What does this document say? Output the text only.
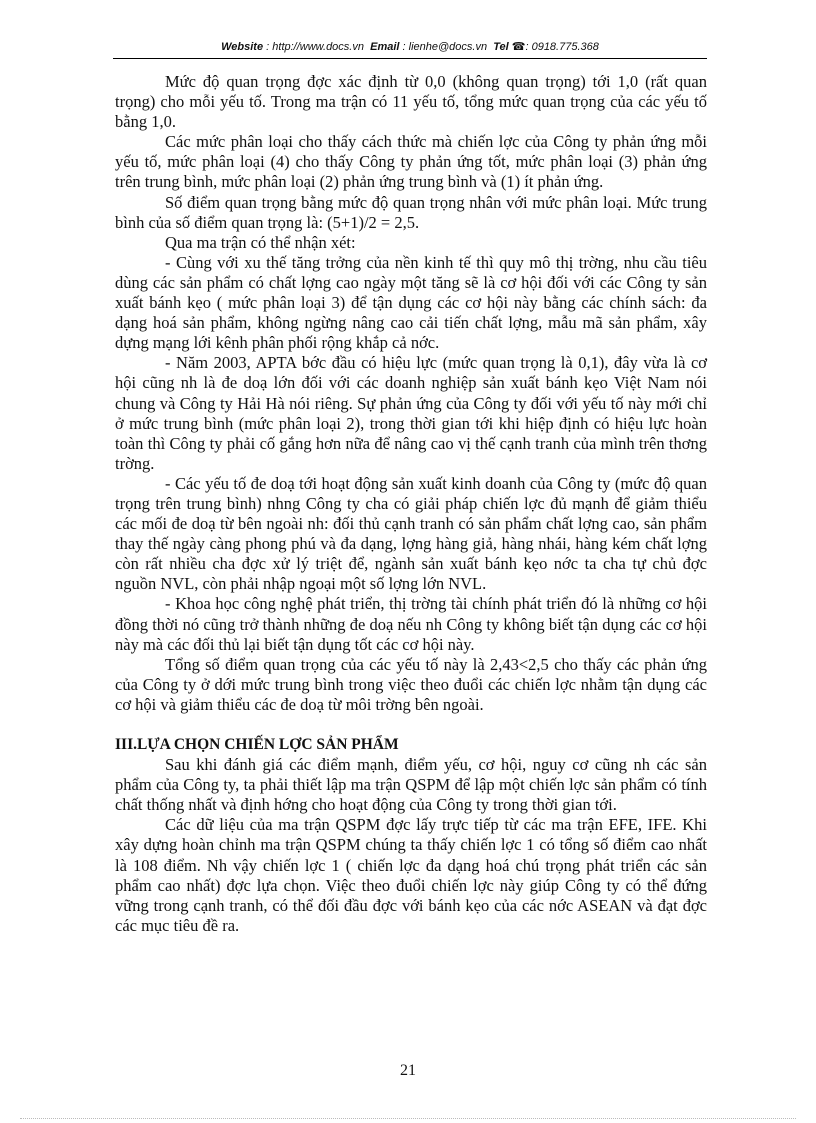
Website : http://www.docs.vn Email : lienhe@docs.vn Tel ☎: 0918.775.368

Mức độ quan trọng đợc xác định từ 0,0 (không quan trọng) tới 1,0 (rất quan trọng) cho mỗi yếu tố. Trong ma trận có 11 yếu tố, tổng mức quan trọng của các yếu tố bằng 1,0.

Các mức phân loại cho thấy cách thức mà chiến lợc của Công ty phản ứng mỗi yếu tố, mức phân loại (4) cho thấy Công ty phản ứng tốt, mức phân loại (3) phản ứng trên trung bình, mức phân loại (2) phản ứng trung bình và (1) ít phản ứng.

Số điểm quan trọng bằng mức độ quan trọng nhân với mức phân loại. Mức trung bình của số điểm quan trọng là: (5+1)/2 = 2,5.

Qua ma trận có thể nhận xét:

- Cùng với xu thế tăng trởng của nền kinh tế thì quy mô thị trờng, nhu cầu tiêu dùng các sản phẩm có chất lợng cao ngày một tăng sẽ là cơ hội đối với các Công ty sản xuất bánh kẹo ( mức phân loại 3) để tận dụng các cơ hội này bằng các chính sách: đa dạng hoá sản phẩm, không ngừng nâng cao cải tiến chất lợng, mẫu mã sản phẩm, xây dựng mạng lới kênh phân phối rộng khắp cả nớc.

- Năm 2003, APTA bớc đầu có hiệu lực (mức quan trọng là 0,1), đây vừa là cơ hội cũng nh là đe doạ lớn đối với các doanh nghiệp sản xuất bánh kẹo Việt Nam nói chung và Công ty Hải Hà nói riêng. Sự phản ứng của Công ty đối với yếu tố này mới chỉ ở mức trung bình (mức phân loại 2), trong thời gian tới khi hiệp định có hiệu lực hoàn toàn thì Công ty phải cố gắng hơn nữa để nâng cao vị thế cạnh tranh của mình trên thơng trờng.

- Các yếu tố đe doạ tới hoạt động sản xuất kinh doanh của Công ty (mức độ quan trọng trên trung bình) nhng Công ty cha có giải pháp chiến lợc đủ mạnh để giảm thiểu các mối đe doạ từ bên ngoài nh: đối thủ cạnh tranh có sản phẩm chất lợng cao, sản phẩm thay thế ngày càng phong phú và đa dạng, lợng hàng giả, hàng nhái, hàng kém chất lợng còn rất nhiều cha đợc xử lý triệt để, ngành sản xuất bánh kẹo nớc ta cha tự chủ đợc nguồn NVL, còn phải nhập ngoại một số lợng lớn NVL.

- Khoa học công nghệ phát triển, thị trờng tài chính phát triển đó là những cơ hội đồng thời nó cũng trở thành những đe doạ nếu nh Công ty không biết tận dụng các cơ hội này mà các đối thủ lại biết tận dụng tốt các cơ hội này.

Tổng số điểm quan trọng của các yếu tố này là 2,43<2,5 cho thấy các phản ứng của Công ty ở dới mức trung bình trong việc theo đuổi các chiến lợc nhằm tận dụng các cơ hội và giảm thiểu các đe doạ từ môi trờng bên ngoài.

III.LỰA CHỌN CHIẾN LỢC SẢN PHẨM

Sau khi đánh giá các điểm mạnh, điểm yếu, cơ hội, nguy cơ cũng nh các sản phẩm của Công ty, ta phải thiết lập ma trận QSPM để lập một chiến lợc sản phẩm có tính chất thống nhất và định hớng cho hoạt động của Công ty trong thời gian tới.

Các dữ liệu của ma trận QSPM đợc lấy trực tiếp từ các ma trận EFE, IFE. Khi xây dựng hoàn chỉnh ma trận QSPM chúng ta thấy chiến lợc 1 có tổng số điểm cao nhất là 108 điểm. Nh vậy chiến lợc 1 ( chiến lợc đa dạng hoá chú trọng phát triển các sản phẩm cao nhất) đợc lựa chọn. Việc theo đuổi chiến lợc này giúp Công ty có thể đứng vững trong cạnh tranh, có thể đối đầu đợc với bánh kẹo của các nớc ASEAN và đạt đợc các mục tiêu đề ra.

21
